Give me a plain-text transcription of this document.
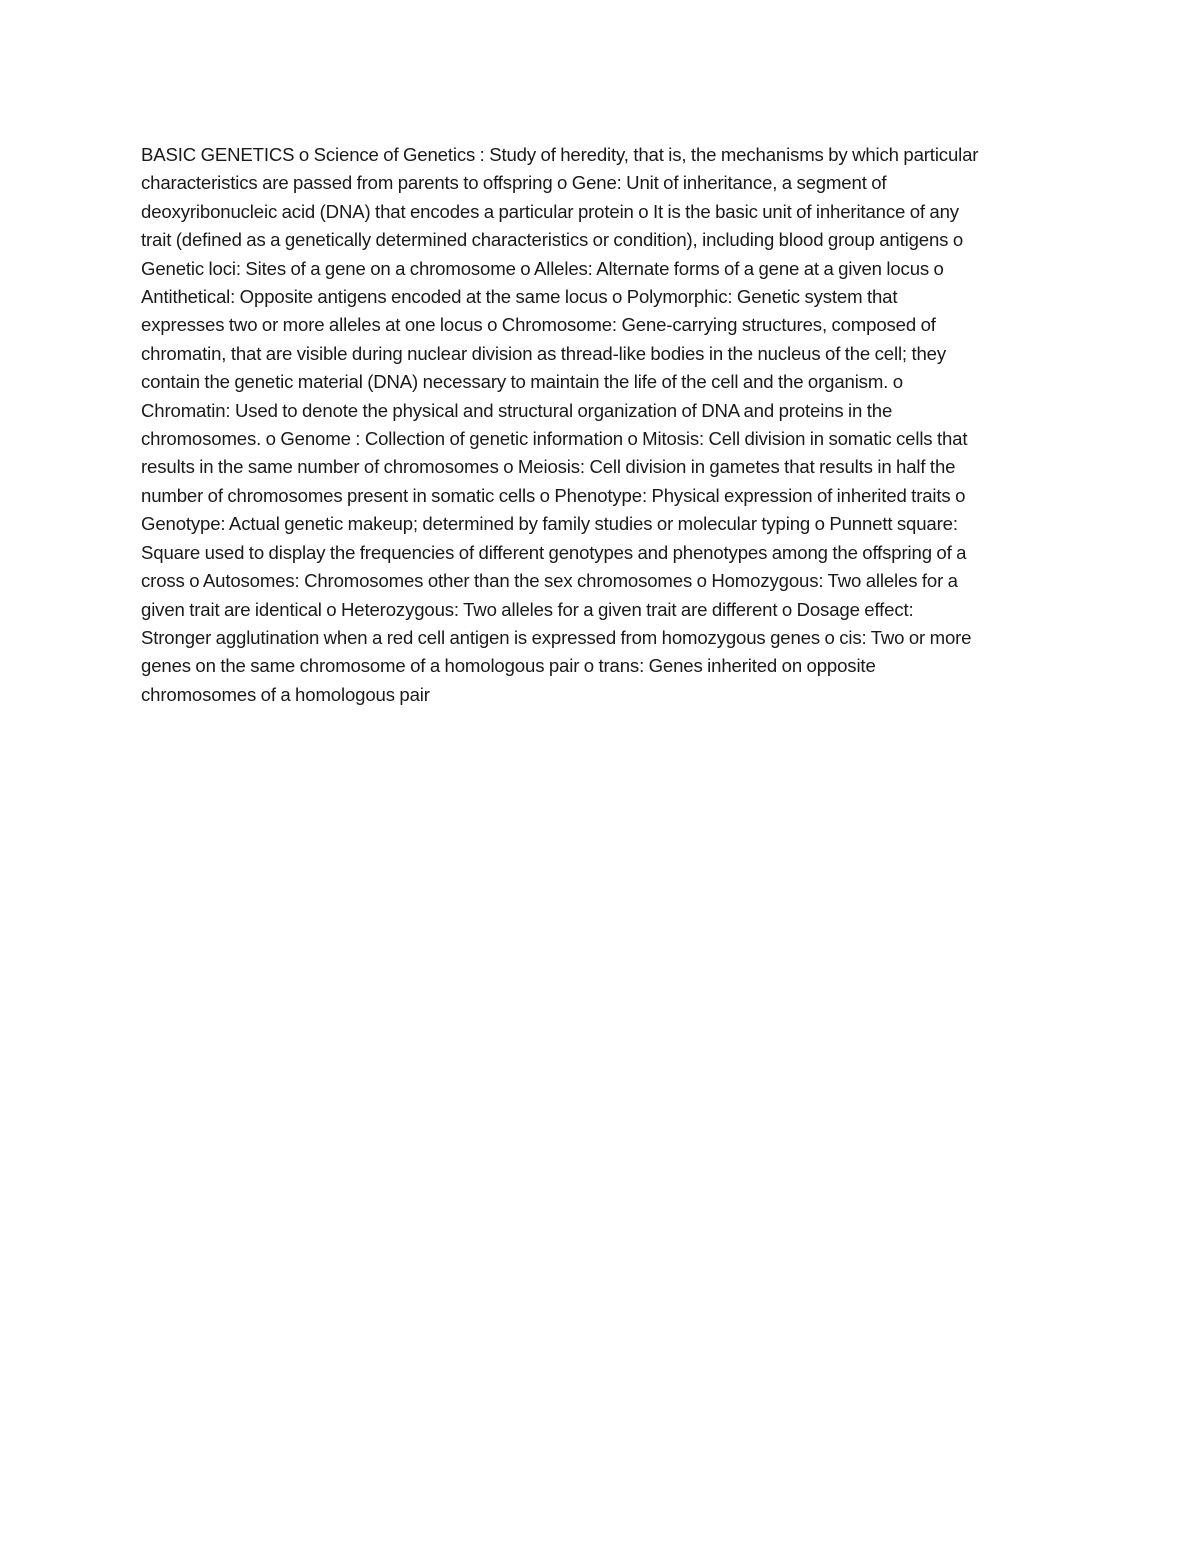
BASIC GENETICS o Science of Genetics : Study of heredity, that is, the mechanisms by which particular
characteristics are passed from parents to offspring o Gene: Unit of inheritance, a segment of
deoxyribonucleic acid (DNA) that encodes a particular protein o It is the basic unit of inheritance of any
trait (defined as a genetically determined characteristics or condition), including blood group antigens o
Genetic loci: Sites of a gene on a chromosome o Alleles: Alternate forms of a gene at a given locus o
Antithetical: Opposite antigens encoded at the same locus o Polymorphic: Genetic system that
expresses two or more alleles at one locus o Chromosome: Gene-carrying structures, composed of
chromatin, that are visible during nuclear division as thread-like bodies in the nucleus of the cell; they
contain the genetic material (DNA) necessary to maintain the life of the cell and the organism. o
Chromatin: Used to denote the physical and structural organization of DNA and proteins in the
chromosomes. o Genome : Collection of genetic information o Mitosis: Cell division in somatic cells that
results in the same number of chromosomes o Meiosis: Cell division in gametes that results in half the
number of chromosomes present in somatic cells o Phenotype: Physical expression of inherited traits o
Genotype: Actual genetic makeup; determined by family studies or molecular typing o Punnett square:
Square used to display the frequencies of different genotypes and phenotypes among the offspring of a
cross o Autosomes: Chromosomes other than the sex chromosomes o Homozygous: Two alleles for a
given trait are identical o Heterozygous: Two alleles for a given trait are different o Dosage effect:
Stronger agglutination when a red cell antigen is expressed from homozygous genes o cis: Two or more
genes on the same chromosome of a homologous pair o trans: Genes inherited on opposite
chromosomes of a homologous pair
